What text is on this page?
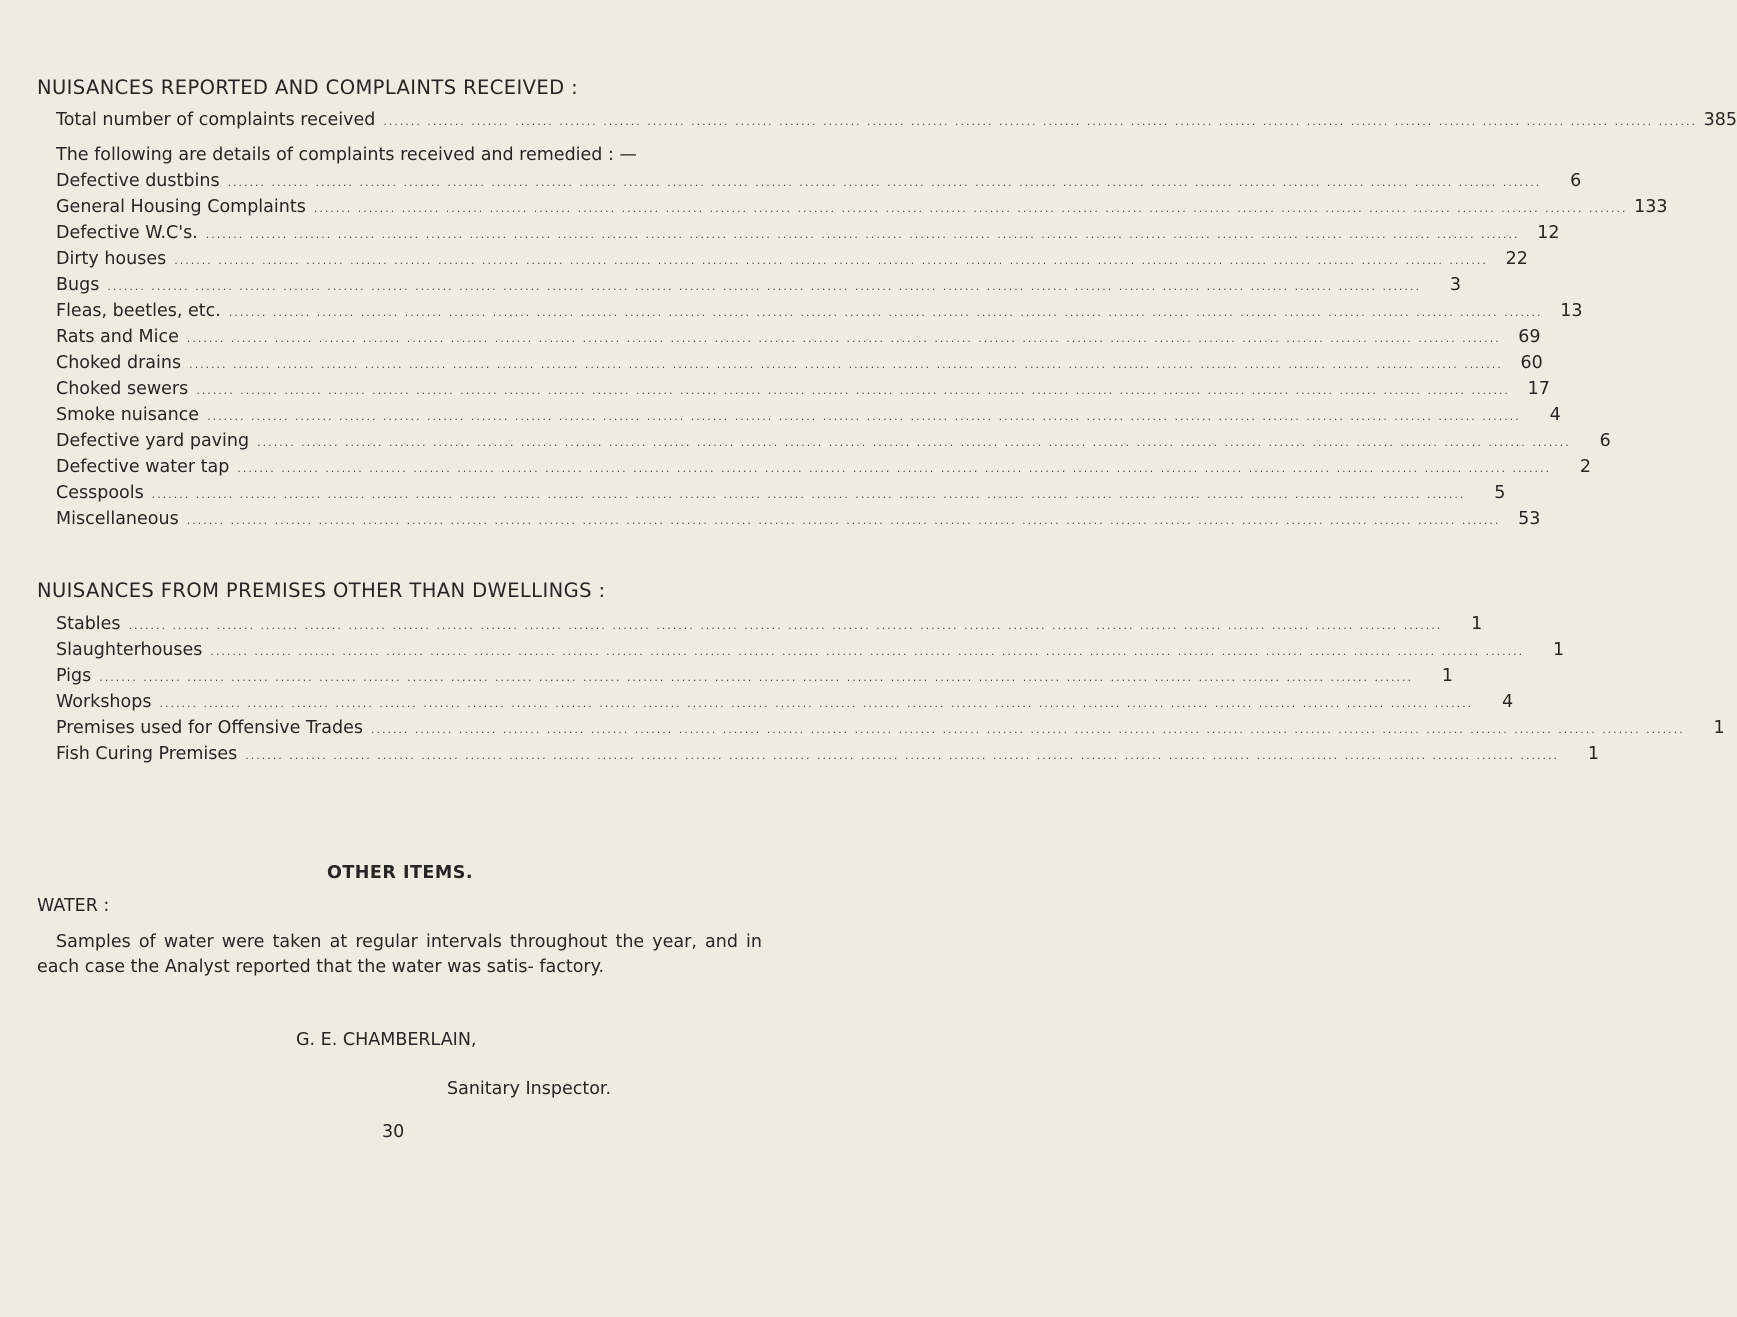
NUISANCES REPORTED AND COMPLAINTS RECEIVED :
Total number of complaints received ....... ....... ....... ....... ....... ....... ....... ....... ....... ....... ....... ....... ....... ....... ....... ....... ....... ....... ....... ....... ....... ....... ....... ....... ....... ....... ....... ....... ....... ....... 385
The following are details of complaints received and remedied : —
Defective dustbins ....... ....... ....... ....... ....... ....... ....... ....... ....... ....... ....... ....... ....... ....... ....... ....... ....... ....... ....... ....... ....... ....... ....... ....... ....... ....... ....... ....... ....... .......	6
General Housing Complaints ....... ....... ....... ....... ....... ....... ....... ....... ....... ....... ....... ....... ....... ....... ....... ....... ....... ....... ....... ....... ....... ....... ....... ....... ....... ....... ....... ....... ....... ....... 133
Defective W.C's. ....... ....... ....... ....... ....... ....... ....... ....... ....... ....... ....... ....... ....... ....... ....... ....... ....... ....... ....... ....... ....... ....... ....... ....... ....... ....... ....... ....... ....... .......	12
Dirty houses ....... ....... ....... ....... ....... ....... ....... ....... ....... ....... ....... ....... ....... ....... ....... ....... ....... ....... ....... ....... ....... ....... ....... ....... ....... ....... ....... ....... ....... .......	22
Bugs ....... ....... ....... ....... ....... ....... ....... ....... ....... ....... ....... ....... ....... ....... ....... ....... ....... ....... ....... ....... ....... ....... ....... ....... ....... ....... ....... ....... ....... .......	3
Fleas, beetles, etc. ....... ....... ....... ....... ....... ....... ....... ....... ....... ....... ....... ....... ....... ....... ....... ....... ....... ....... ....... ....... ....... ....... ....... ....... ....... ....... ....... ....... ....... .......	13
Rats and Mice ....... ....... ....... ....... ....... ....... ....... ....... ....... ....... ....... ....... ....... ....... ....... ....... ....... ....... ....... ....... ....... ....... ....... ....... ....... ....... ....... ....... ....... .......	69
Choked drains ....... ....... ....... ....... ....... ....... ....... ....... ....... ....... ....... ....... ....... ....... ....... ....... ....... ....... ....... ....... ....... ....... ....... ....... ....... ....... ....... ....... ....... .......	60
Choked sewers ....... ....... ....... ....... ....... ....... ....... ....... ....... ....... ....... ....... ....... ....... ....... ....... ....... ....... ....... ....... ....... ....... ....... ....... ....... ....... ....... ....... ....... .......	17
Smoke nuisance ....... ....... ....... ....... ....... ....... ....... ....... ....... ....... ....... ....... ....... ....... ....... ....... ....... ....... ....... ....... ....... ....... ....... ....... ....... ....... ....... ....... ....... .......	4
Defective yard paving ....... ....... ....... ....... ....... ....... ....... ....... ....... ....... ....... ....... ....... ....... ....... ....... ....... ....... ....... ....... ....... ....... ....... ....... ....... ....... ....... ....... ....... .......	6
Defective water tap ....... ....... ....... ....... ....... ....... ....... ....... ....... ....... ....... ....... ....... ....... ....... ....... ....... ....... ....... ....... ....... ....... ....... ....... ....... ....... ....... ....... ....... .......	2
Cesspools ....... ....... ....... ....... ....... ....... ....... ....... ....... ....... ....... ....... ....... ....... ....... ....... ....... ....... ....... ....... ....... ....... ....... ....... ....... ....... ....... ....... ....... .......	5
Miscellaneous ....... ....... ....... ....... ....... ....... ....... ....... ....... ....... ....... ....... ....... ....... ....... ....... ....... ....... ....... ....... ....... ....... ....... ....... ....... ....... ....... ....... ....... .......	53
NUISANCES FROM PREMISES OTHER THAN DWELLINGS :
Stables ....... ....... ....... ....... ....... ....... ....... ....... ....... ....... ....... ....... ....... ....... ....... ....... ....... ....... ....... ....... ....... ....... ....... ....... ....... ....... ....... ....... ....... .......	1
Slaughterhouses ....... ....... ....... ....... ....... ....... ....... ....... ....... ....... ....... ....... ....... ....... ....... ....... ....... ....... ....... ....... ....... ....... ....... ....... ....... ....... ....... ....... ....... .......	1
Pigs ....... ....... ....... ....... ....... ....... ....... ....... ....... ....... ....... ....... ....... ....... ....... ....... ....... ....... ....... ....... ....... ....... ....... ....... ....... ....... ....... ....... ....... .......	1
Workshops ....... ....... ....... ....... ....... ....... ....... ....... ....... ....... ....... ....... ....... ....... ....... ....... ....... ....... ....... ....... ....... ....... ....... ....... ....... ....... ....... ....... ....... .......	4
Premises used for Offensive Trades ....... ....... ....... ....... ....... ....... ....... ....... ....... ....... ....... ....... ....... ....... ....... ....... ....... ....... ....... ....... ....... ....... ....... ....... ....... ....... ....... ....... ....... .......	1
Fish Curing Premises ....... ....... ....... ....... ....... ....... ....... ....... ....... ....... ....... ....... ....... ....... ....... ....... ....... ....... ....... ....... ....... ....... ....... ....... ....... ....... ....... ....... ....... .......	1
OTHER ITEMS.
WATER :
Samples of water were taken at regular intervals throughout the year, and in each case the Analyst reported that the water was satis- factory.
G. E. CHAMBERLAIN,
Sanitary Inspector.
30
